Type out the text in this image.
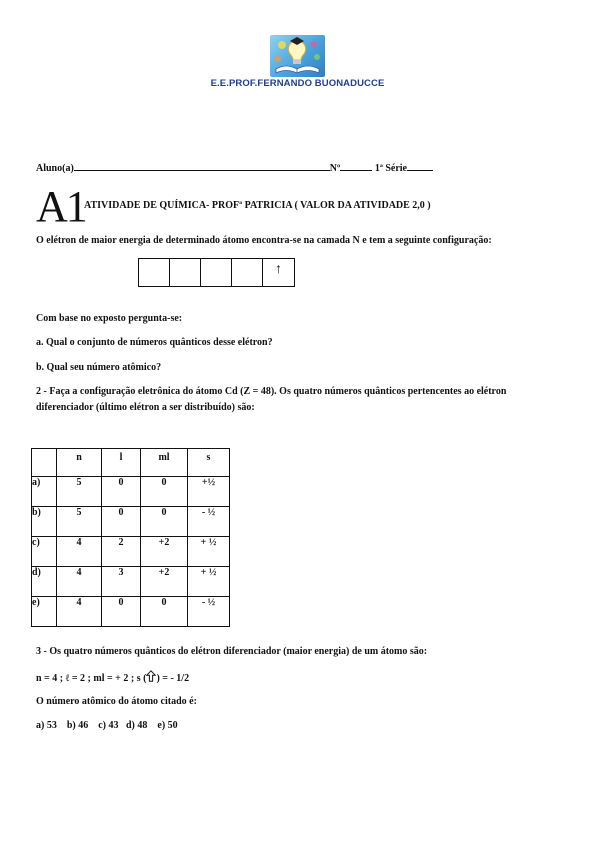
E.E.PROF.FERNANDO BUONADUCCE
Aluno(a)	Nº	1ª Série
A1
ATIVIDADE DE QUÍMICA- PROFª PATRICIA ( VALOR DA ATIVIDADE 2,0 )
O elétron de maior energia de determinado átomo encontra-se na camada N e tem a seguinte configuração:
↑
Com base no exposto pergunta-se:
a. Qual o conjunto de números quânticos desse elétron?
b. Qual seu número atômico?
2 - Faça a configuração eletrônica do átomo Cd (Z = 48). Os quatro números quânticos pertencentes ao elétron
diferenciador (último elétron a ser distribuído) são:
	n	l	ml	s
a)	5	0	0	+½
b)	5	0	0	- ½
c)	4	2	+2	+ ½
d)	4	3	+2	+ ½
e)	4	0	0	- ½
3 - Os quatro números quânticos do elétron diferenciador (maior energia) de um átomo são:
n = 4 ; ℓ = 2 ; ml = + 2 ; s ( ) = - 1/2
O número atômico do átomo citado é:
a) 53    b) 46    c) 43   d) 48    e) 50
